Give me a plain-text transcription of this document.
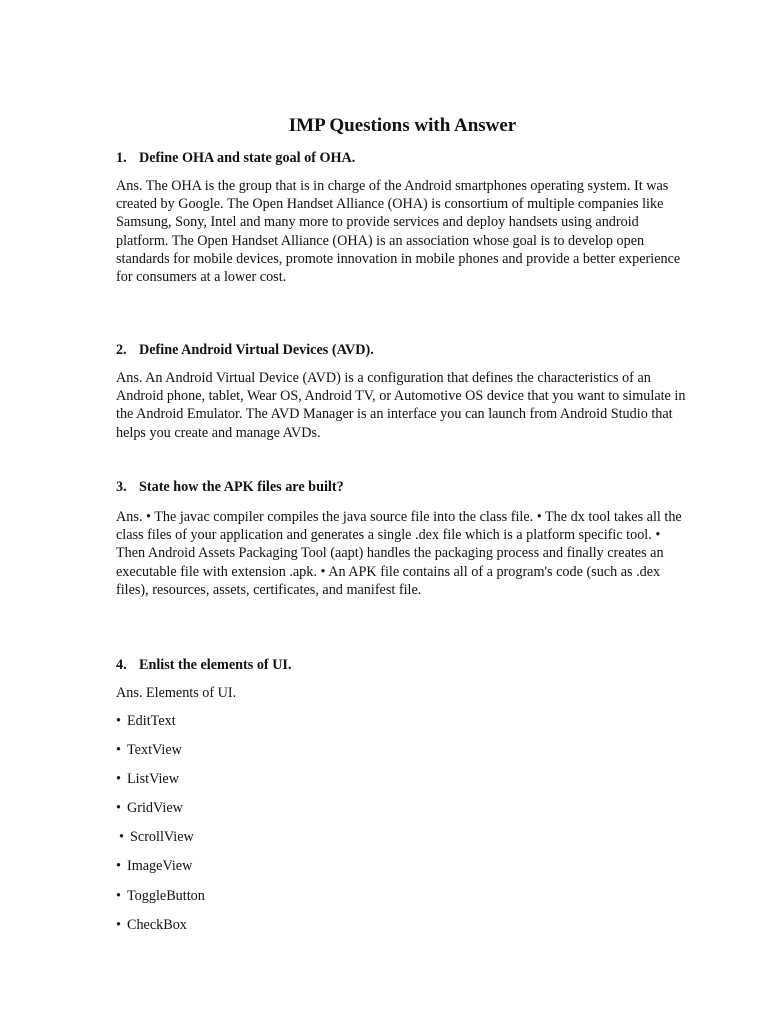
IMP Questions with Answer

1. Define OHA and state goal of OHA.

Ans. The OHA is the group that is in charge of the Android smartphones operating system. It was created by Google. The Open Handset Alliance (OHA) is consortium of multiple companies like Samsung, Sony, Intel and many more to provide services and deploy handsets using android platform. The Open Handset Alliance (OHA) is an association whose goal is to develop open standards for mobile devices, promote innovation in mobile phones and provide a better experience for consumers at a lower cost.

2. Define Android Virtual Devices (AVD).

Ans. An Android Virtual Device (AVD) is a configuration that defines the characteristics of an Android phone, tablet, Wear OS, Android TV, or Automotive OS device that you want to simulate in the Android Emulator. The AVD Manager is an interface you can launch from Android Studio that helps you create and manage AVDs.

3. State how the APK files are built?

Ans. • The javac compiler compiles the java source file into the class file. • The dx tool takes all the class files of your application and generates a single .dex file which is a platform specific tool. • Then Android Assets Packaging Tool (aapt) handles the packaging process and finally creates an executable file with extension .apk. • An APK file contains all of a program's code (such as .dex files), resources, assets, certificates, and manifest file.

4. Enlist the elements of UI.

Ans. Elements of UI.

• EditText
• TextView
• ListView
• GridView
• ScrollView
• ImageView
• ToggleButton
• CheckBox
